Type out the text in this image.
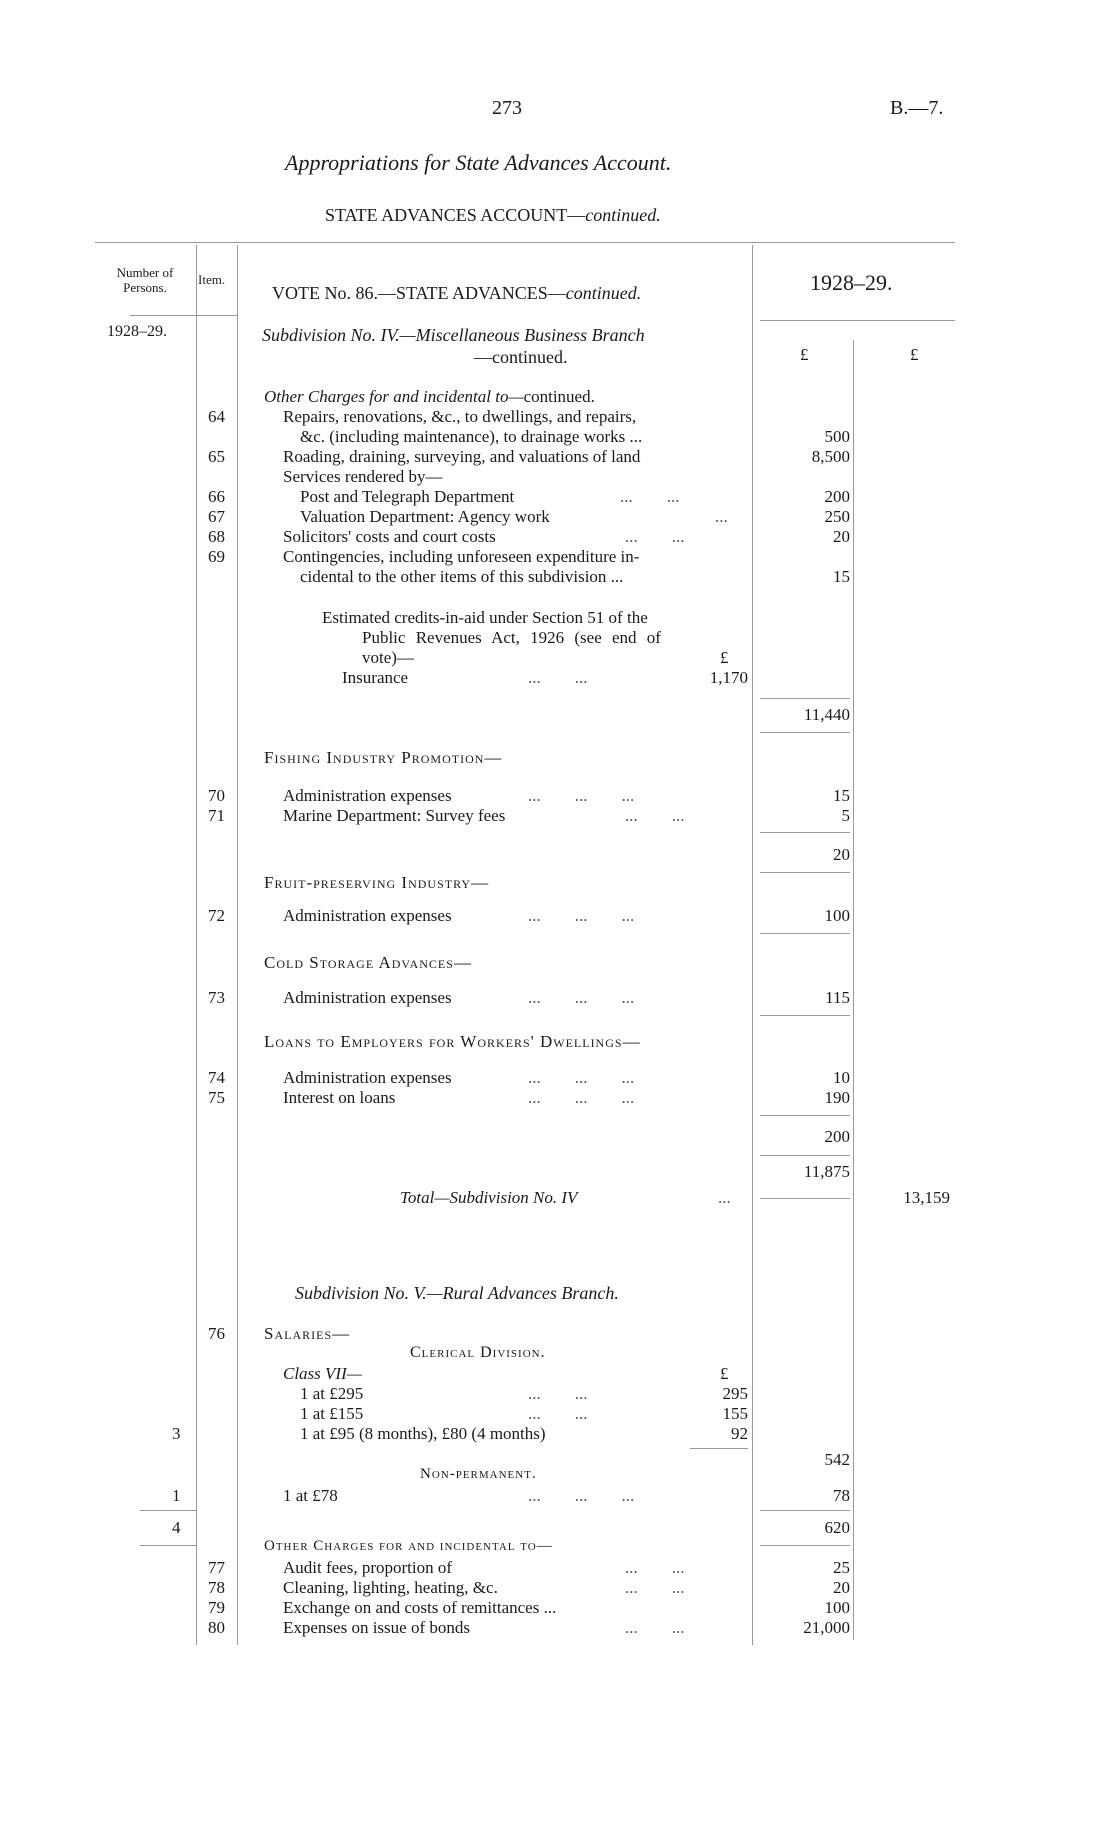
273	B.—7.
Appropriations for State Advances Account.
STATE ADVANCES ACCOUNT—continued.
Number of Persons.
Item.
VOTE No. 86.—STATE ADVANCES—continued.	1928–29.
1928–29.
£	£
Subdivision No. IV.—Miscellaneous Business Branch
—continued.
Other Charges for and incidental to—continued.
64	Repairs, renovations, &c., to dwellings, and repairs,
&c. (including maintenance), to drainage works ...	500
65	Roading, draining, surveying, and valuations of land	8,500
Services rendered by—
66	Post and Telegraph Department	...        ...	200
67	Valuation Department: Agency work	...	250
68	Solicitors' costs and court costs	...        ...	20
69	Contingencies, including unforeseen expenditure in-
cidental to the other items of this subdivision ...	15
Estimated credits-in-aid under Section 51 of the
Public Revenues Act, 1926 (see end of
vote)—	£
Insurance	...        ...	1,170
11,440
Fishing Industry Promotion—
70	Administration expenses	...        ...        ...	15
71	Marine Department: Survey fees	...        ...	5
20
Fruit-preserving Industry—
72	Administration expenses	...        ...        ...	100
Cold Storage Advances—
73	Administration expenses	...        ...        ...	115
Loans to Employers for Workers' Dwellings—
74	Administration expenses	...        ...        ...	10
75	Interest on loans	...        ...        ...	190
200
11,875
Total—Subdivision No. IV	...	13,159
Subdivision No. V.—Rural Advances Branch.
76 Salaries—
Clerical Division.
Class VII—	£
1 at £295	...        ...	295
1 at £155	...        ...	155
3	1 at £95 (8 months), £80 (4 months)	92
542
Non-permanent.
1	1 at £78	...        ...        ...	78
4	620
Other Charges for and incidental to—
77	Audit fees, proportion of	...        ...	25
78	Cleaning, lighting, heating, &c.	...        ...	20
79	Exchange on and costs of remittances ...	100
80	Expenses on issue of bonds	...        ...	21,000
